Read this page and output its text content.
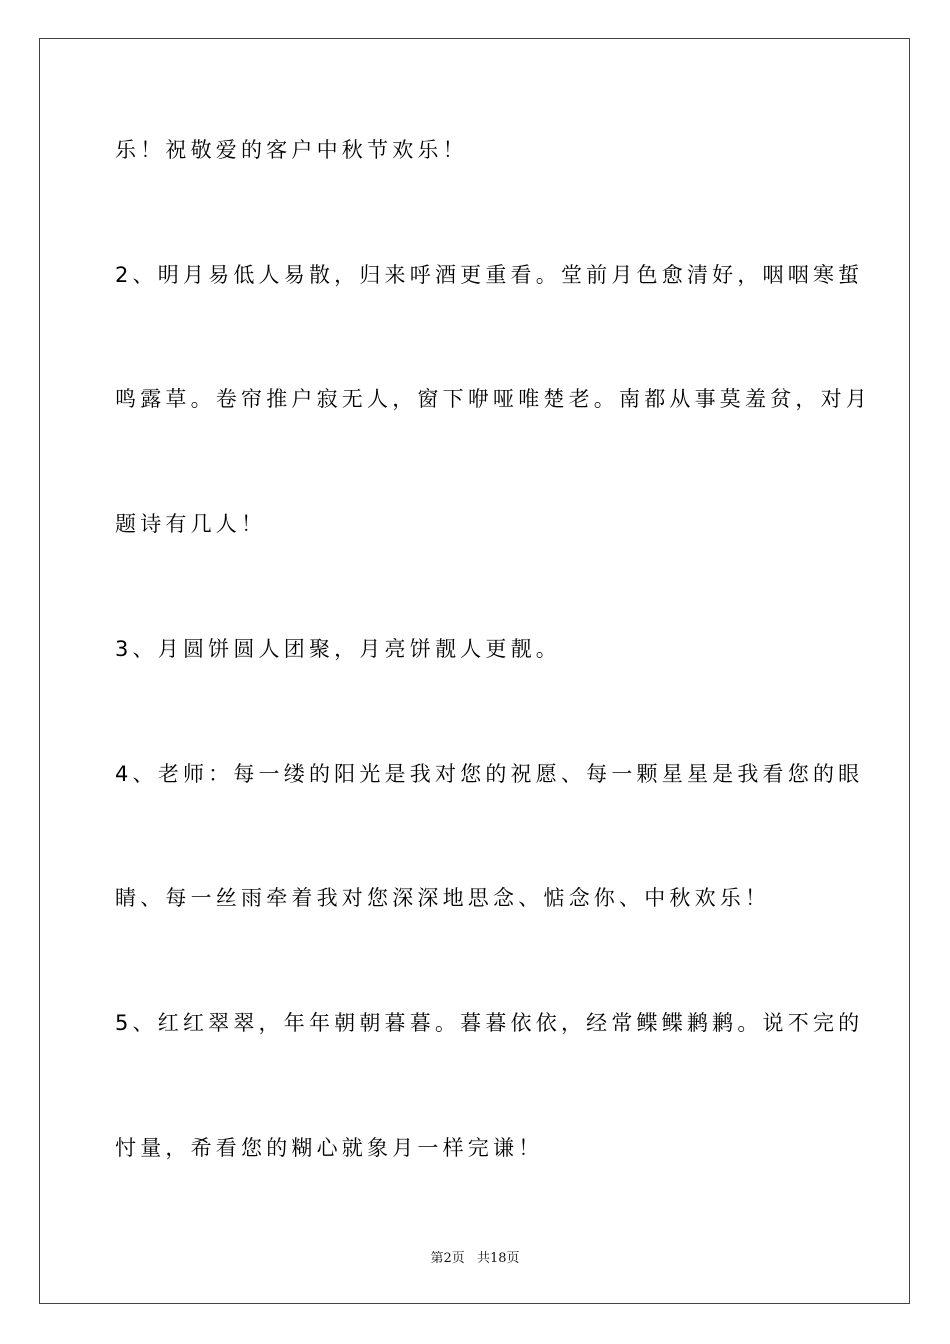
乐！祝敬爱的客户中秋节欢乐！
2、明月易低人易散，归来呼酒更重看。堂前月色愈清好，咽咽寒蜇
鸣露草。卷帘推户寂无人，窗下咿哑唯楚老。南都从事莫羞贫，对月
题诗有几人！
3、月圆饼圆人团聚，月亮饼靓人更靓。
4、老师：每一缕的阳光是我对您的祝愿、每一颗星星是我看您的眼
睛、每一丝雨牵着我对您深深地思念、惦念你、中秋欢乐！
5、红红翠翠，年年朝朝暮暮。暮暮依依，经常鲽鲽鹣鹣。说不完的
忖量，希看您的糊心就象月一样完谦！
第2页 共18页
